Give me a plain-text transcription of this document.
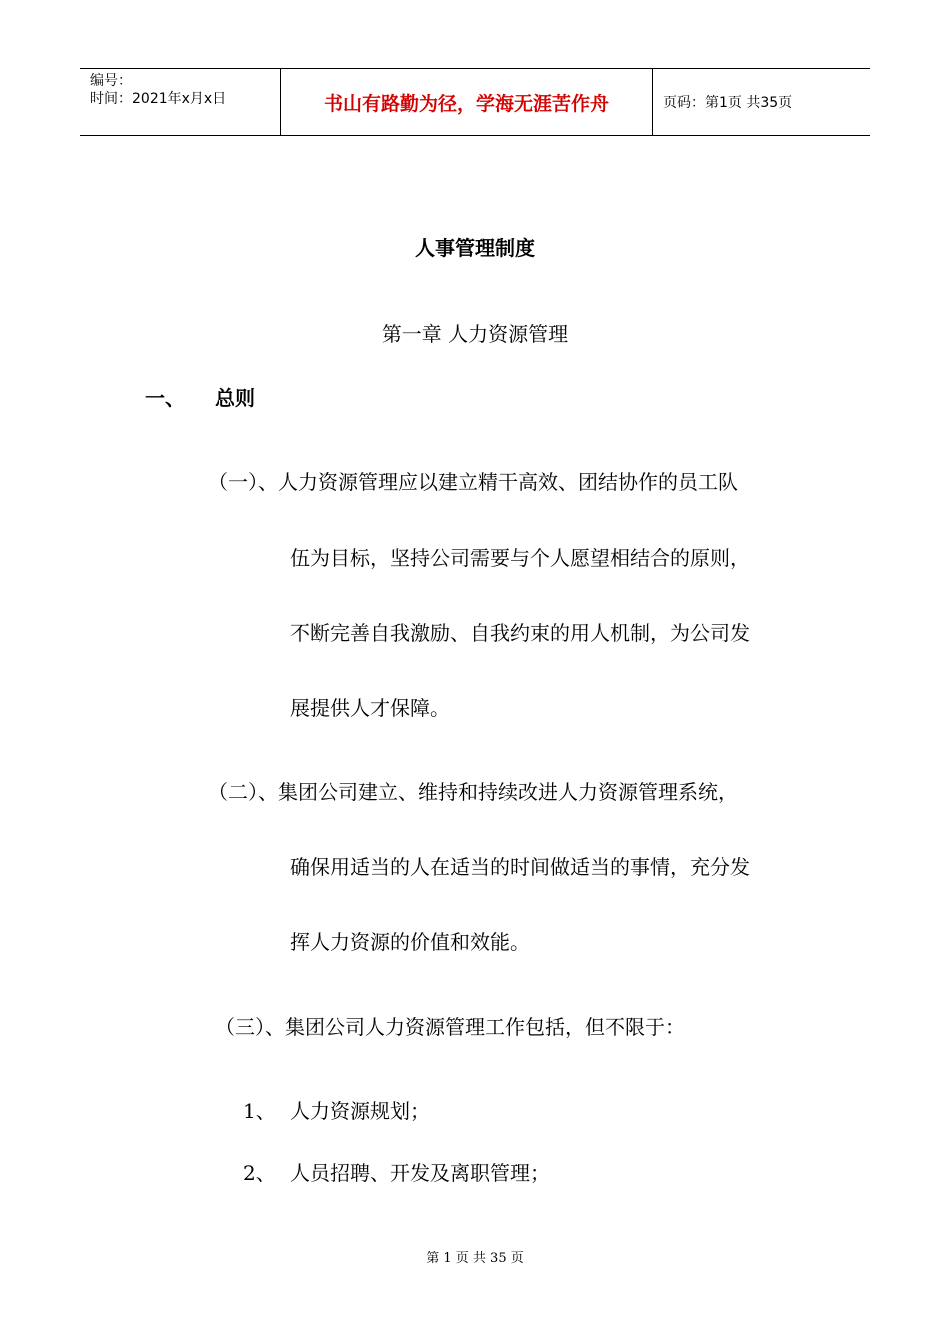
编号：
时间：2021年x月x日	书山有路勤为径，学海无涯苦作舟	页码：第1页 共35页
人事管理制度
第一章 人力资源管理
一、 总则
（一）、人力资源管理应以建立精干高效、团结协作的员工队
伍为目标，坚持公司需要与个人愿望相结合的原则，
不断完善自我激励、自我约束的用人机制，为公司发
展提供人才保障。
（二）、集团公司建立、维持和持续改进人力资源管理系统，
确保用适当的人在适当的时间做适当的事情，充分发
挥人力资源的价值和效能。
（三）、集团公司人力资源管理工作包括，但不限于：
1、 人力资源规划；
2、 人员招聘、开发及离职管理；
第 1 页 共 35 页
